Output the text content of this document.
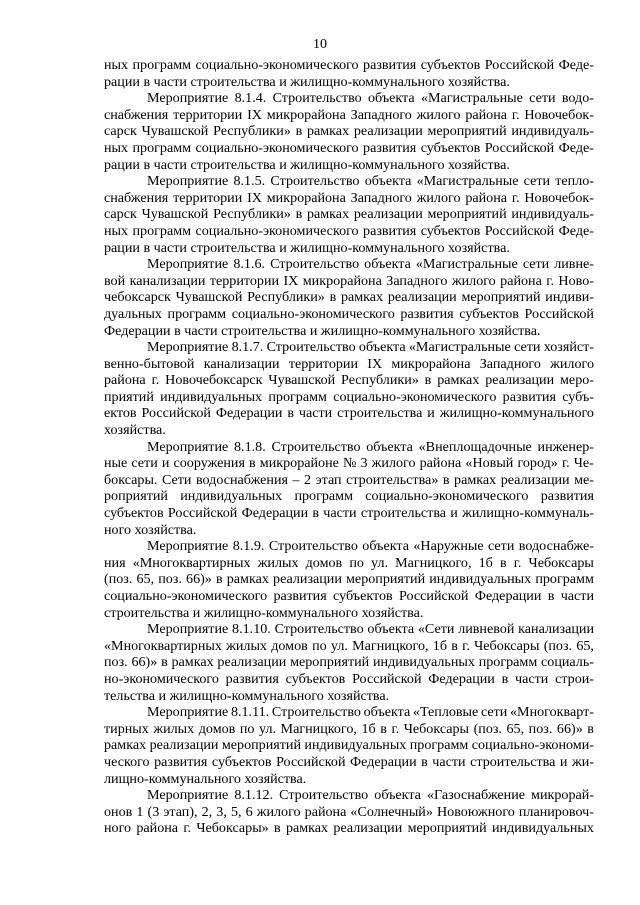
10
ных программ социально-экономического развития субъектов Российской Феде-
рации в части строительства и жилищно-коммунального хозяйства.
Мероприятие 8.1.4. Строительство объекта «Магистральные сети водо-
снабжения территории IX микрорайона Западного жилого района г. Новочебок-
сарск Чувашской Республики» в рамках реализации мероприятий индивидуаль-
ных программ социально-экономического развития субъектов Российской Феде-
рации в части строительства и жилищно-коммунального хозяйства.
Мероприятие 8.1.5. Строительство объекта «Магистральные сети тепло-
снабжения территории IX микрорайона Западного жилого района г. Новочебок-
сарск Чувашской Республики» в рамках реализации мероприятий индивидуаль-
ных программ социально-экономического развития субъектов Российской Феде-
рации в части строительства и жилищно-коммунального хозяйства.
Мероприятие 8.1.6. Строительство объекта «Магистральные сети ливне-
вой канализации территории IX микрорайона Западного жилого района г. Ново-
чебоксарск Чувашской Республики» в рамках реализации мероприятий индиви-
дуальных программ социально-экономического развития субъектов Российской
Федерации в части строительства и жилищно-коммунального хозяйства.
Мероприятие 8.1.7. Строительство объекта «Магистральные сети хозяйст-
венно-бытовой канализации территории IX микрорайона Западного жилого
района г. Новочебоксарск Чувашской Республики» в рамках реализации меро-
приятий индивидуальных программ социально-экономического развития субъ-
ектов Российской Федерации в части строительства и жилищно-коммунального
хозяйства.
Мероприятие 8.1.8. Строительство объекта «Внеплощадочные инженер-
ные сети и сооружения в микрорайоне № 3 жилого района «Новый город» г. Че-
боксары. Сети водоснабжения – 2 этап строительства» в рамках реализации ме-
роприятий индивидуальных программ социально-экономического развития
субъектов Российской Федерации в части строительства и жилищно-коммуналь-
ного хозяйства.
Мероприятие 8.1.9. Строительство объекта «Наружные сети водоснабже-
ния «Многоквартирных жилых домов по ул. Магницкого, 1б в г. Чебоксары
(поз. 65, поз. 66)» в рамках реализации мероприятий индивидуальных программ
социально-экономического развития субъектов Российской Федерации в части
строительства и жилищно-коммунального хозяйства.
Мероприятие 8.1.10. Строительство объекта «Сети ливневой канализации
«Многоквартирных жилых домов по ул. Магницкого, 1б в г. Чебоксары (поз. 65,
поз. 66)» в рамках реализации мероприятий индивидуальных программ социаль-
но-экономического развития субъектов Российской Федерации в части строи-
тельства и жилищно-коммунального хозяйства.
Мероприятие 8.1.11. Строительство объекта «Тепловые сети «Многокварт-
тирных жилых домов по ул. Магницкого, 1б в г. Чебоксары (поз. 65, поз. 66)» в
рамках реализации мероприятий индивидуальных программ социально-экономи-
ческого развития субъектов Российской Федерации в части строительства и жи-
лищно-коммунального хозяйства.
Мероприятие 8.1.12. Строительство объекта «Газоснабжение микрорай-
онов 1 (3 этап), 2, 3, 5, 6 жилого района «Солнечный» Новоюжного планировоч-
ного района г. Чебоксары» в рамках реализации мероприятий индивидуальных
